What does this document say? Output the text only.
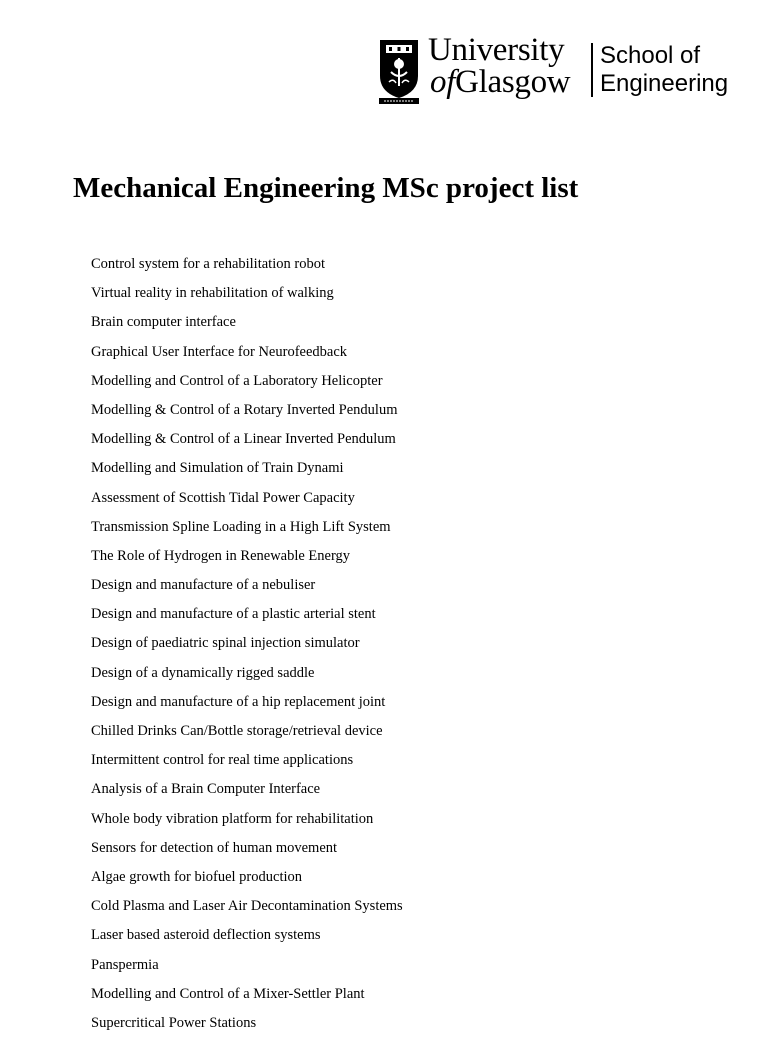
University
ofGlasgow
School of
Engineering
Mechanical Engineering MSc project list
Control system for a rehabilitation robot
Virtual reality in rehabilitation of walking
Brain computer interface
Graphical User Interface for Neurofeedback
Modelling and Control of a Laboratory Helicopter
Modelling & Control of a Rotary Inverted Pendulum
Modelling & Control of a Linear Inverted Pendulum
Modelling and Simulation of Train Dynami
Assessment of Scottish Tidal Power Capacity
Transmission Spline Loading in a High Lift System
The Role of Hydrogen in Renewable Energy
Design and manufacture of a nebuliser
Design and manufacture of a plastic arterial stent
Design of paediatric spinal injection simulator
Design of a dynamically rigged saddle
Design and manufacture of a hip replacement joint
Chilled Drinks Can/Bottle storage/retrieval device
Intermittent control for real time applications
Analysis of a Brain Computer Interface
Whole body vibration platform for rehabilitation
Sensors for detection of human movement
Algae growth for biofuel production
Cold Plasma and Laser Air Decontamination Systems
Laser based asteroid deflection systems
Panspermia
Modelling and Control of a Mixer-Settler Plant
Supercritical Power Stations
